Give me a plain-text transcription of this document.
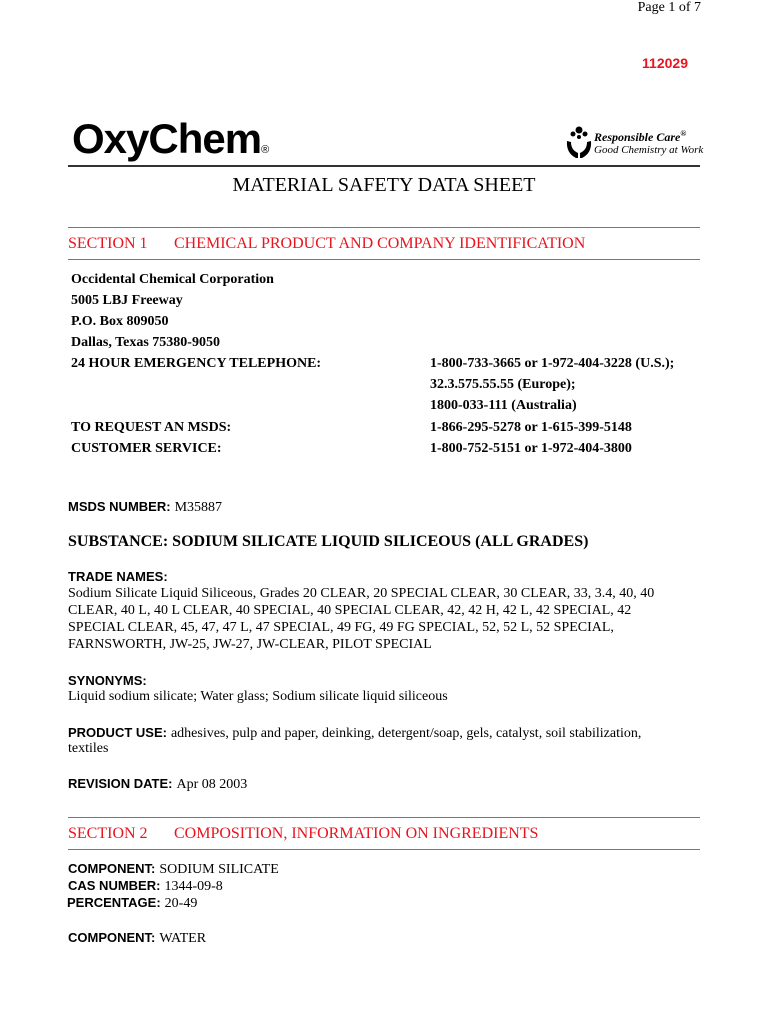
Page 1 of 7
112029
OxyChem®
Responsible Care®
Good Chemistry at Work
MATERIAL SAFETY DATA SHEET
SECTION 1 CHEMICAL PRODUCT AND COMPANY IDENTIFICATION
Occidental Chemical Corporation
5005 LBJ Freeway
P.O. Box 809050
Dallas, Texas 75380-9050
24 HOUR EMERGENCY TELEPHONE:	1-800-733-3665 or 1-972-404-3228 (U.S.);
32.3.575.55.55 (Europe);
1800-033-111 (Australia)
TO REQUEST AN MSDS:	1-866-295-5278 or 1-615-399-5148
CUSTOMER SERVICE:	1-800-752-5151 or 1-972-404-3800
MSDS NUMBER: M35887
SUBSTANCE: SODIUM SILICATE LIQUID SILICEOUS (ALL GRADES)
TRADE NAMES:
Sodium Silicate Liquid Siliceous, Grades 20 CLEAR, 20 SPECIAL CLEAR, 30 CLEAR, 33, 3.4, 40, 40
CLEAR, 40 L, 40 L CLEAR, 40 SPECIAL, 40 SPECIAL CLEAR, 42, 42 H, 42 L, 42 SPECIAL, 42
SPECIAL CLEAR, 45, 47, 47 L, 47 SPECIAL, 49 FG, 49 FG SPECIAL, 52, 52 L, 52 SPECIAL,
FARNSWORTH, JW-25, JW-27, JW-CLEAR, PILOT SPECIAL
SYNONYMS:
Liquid sodium silicate; Water glass; Sodium silicate liquid siliceous
PRODUCT USE: adhesives, pulp and paper, deinking, detergent/soap, gels, catalyst, soil stabilization,
textiles
REVISION DATE: Apr 08 2003
SECTION 2 COMPOSITION, INFORMATION ON INGREDIENTS
COMPONENT: SODIUM SILICATE
CAS NUMBER: 1344-09-8
PERCENTAGE: 20-49
COMPONENT: WATER
